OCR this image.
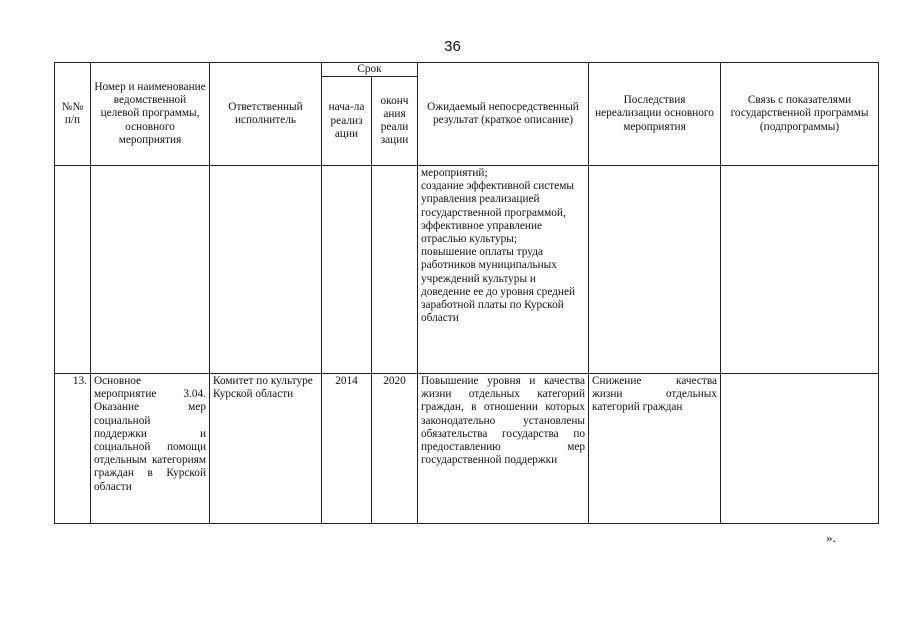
36
№№ п/п	Номер и наименование ведомственной целевой программы, основного мероприятия	Ответственный исполнитель	Срок		Ожидаемый непосредственный результат (краткое описание)	Последствия нереализации основного мероприятия	Связь с показателями государственной программы (подпрограммы)
			нача-ла реализ ации	оконч ания реали зации			
					мероприятий;
создание эффективной системы управления реализацией государственной программой, эффективное управление отраслью культуры;
повышение оплаты труда работников муниципальных учреждений культуры и доведение ее до уровня средней заработной платы по Курской области		
13.	Основное мероприятие 3.04. Оказание мер социальной поддержки и социальной помощи отдельным категориям граждан в Курской области	Комитет по культуре Курской области	2014	2020	Повышение уровня и качества жизни отдельных категорий граждан, в отношении которых законодательно установлены обязательства государства по предоставлению мер государственной поддержки	Снижение качества жизни отдельных категорий граждан	
».
